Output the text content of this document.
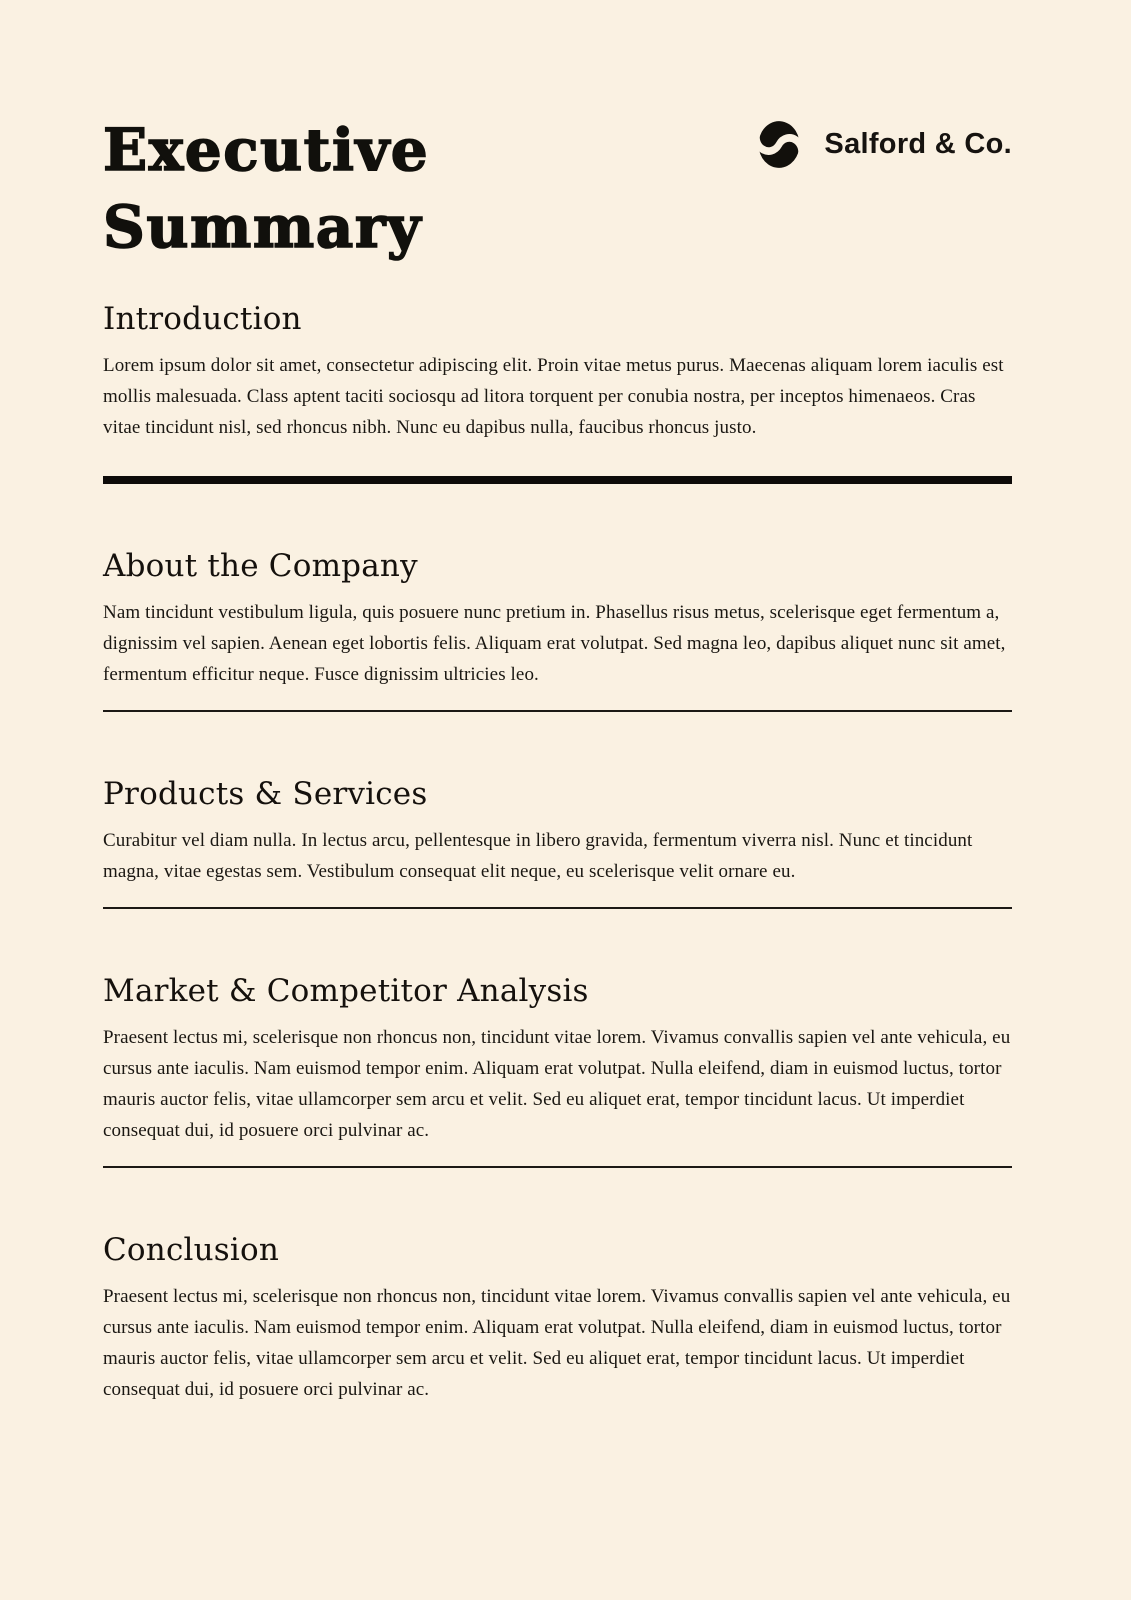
Executive
Summary
Salford & Co.
Introduction

Lorem ipsum dolor sit amet, consectetur adipiscing elit. Proin vitae metus purus. Maecenas aliquam lorem iaculis est mollis malesuada. Class aptent taciti sociosqu ad litora torquent per conubia nostra, per inceptos himenaeos. Cras vitae tincidunt nisl, sed rhoncus nibh. Nunc eu dapibus nulla, faucibus rhoncus justo.

About the Company

Nam tincidunt vestibulum ligula, quis posuere nunc pretium in. Phasellus risus metus, scelerisque eget fermentum a, dignissim vel sapien. Aenean eget lobortis felis. Aliquam erat volutpat. Sed magna leo, dapibus aliquet nunc sit amet, fermentum efficitur neque. Fusce dignissim ultricies leo.

Products & Services

Curabitur vel diam nulla. In lectus arcu, pellentesque in libero gravida, fermentum viverra nisl. Nunc et tincidunt magna, vitae egestas sem. Vestibulum consequat elit neque, eu scelerisque velit ornare eu.

Market & Competitor Analysis

Praesent lectus mi, scelerisque non rhoncus non, tincidunt vitae lorem. Vivamus convallis sapien vel ante vehicula, eu cursus ante iaculis. Nam euismod tempor enim. Aliquam erat volutpat. Nulla eleifend, diam in euismod luctus, tortor mauris auctor felis, vitae ullamcorper sem arcu et velit. Sed eu aliquet erat, tempor tincidunt lacus. Ut imperdiet consequat dui, id posuere orci pulvinar ac.

Conclusion

Praesent lectus mi, scelerisque non rhoncus non, tincidunt vitae lorem. Vivamus convallis sapien vel ante vehicula, eu cursus ante iaculis. Nam euismod tempor enim. Aliquam erat volutpat. Nulla eleifend, diam in euismod luctus, tortor mauris auctor felis, vitae ullamcorper sem arcu et velit. Sed eu aliquet erat, tempor tincidunt lacus. Ut imperdiet consequat dui, id posuere orci pulvinar ac.
